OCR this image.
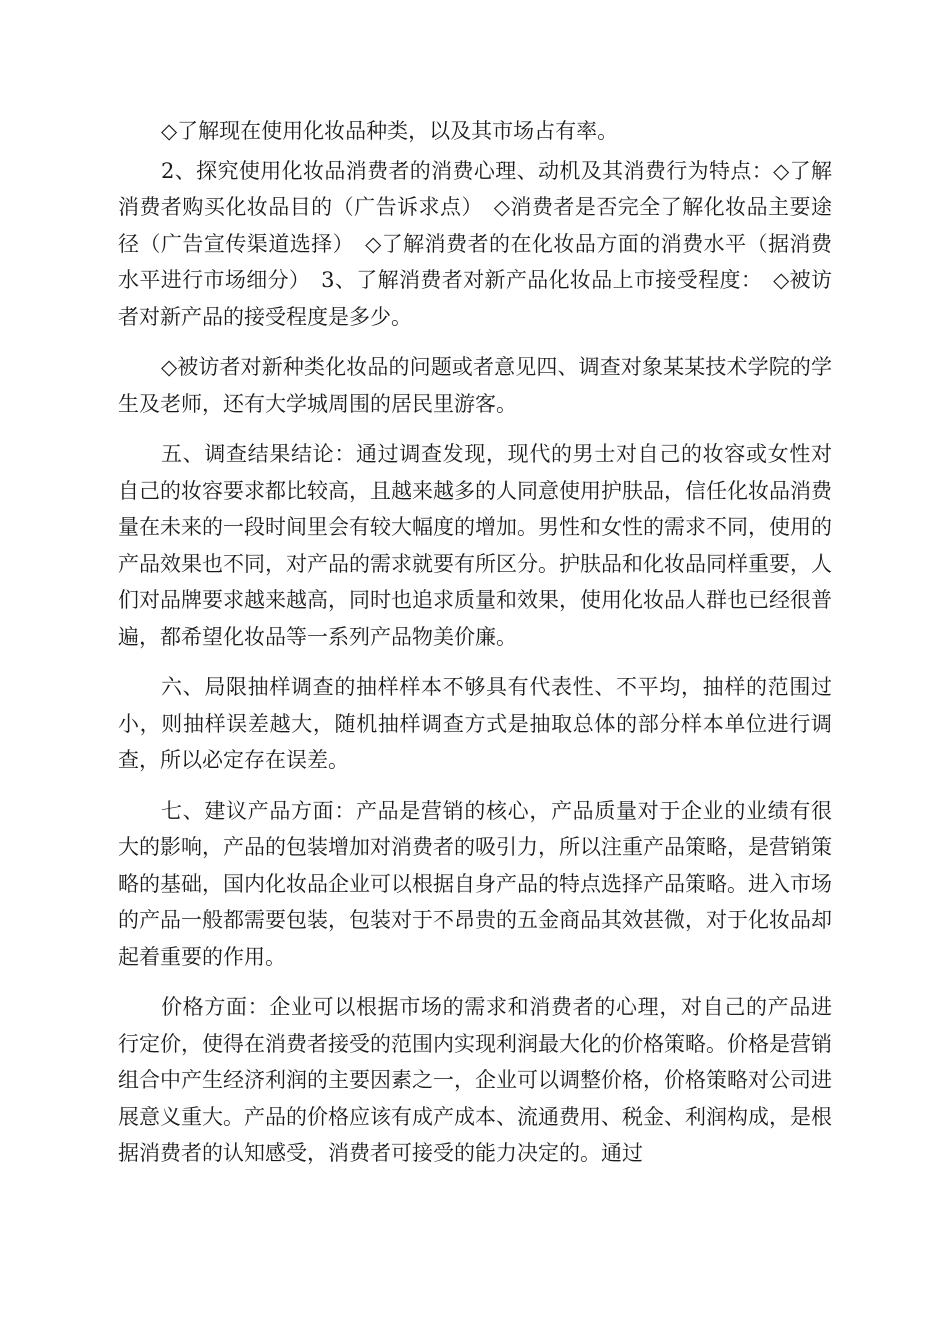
◇了解现在使用化妆品种类，以及其市场占有率。

2、探究使用化妆品消费者的消费心理、动机及其消费行为特点：◇了解消费者购买化妆品目的（广告诉求点）　◇消费者是否完全了解化妆品主要途径（广告宣传渠道选择）　◇了解消费者的在化妆品方面的消费水平（据消费水平进行市场细分）　3、了解消费者对新产品化妆品上市接受程度：　◇被访者对新产品的接受程度是多少。

◇被访者对新种类化妆品的问题或者意见四、调查对象某某技术学院的学生及老师，还有大学城周围的居民里游客。

五、调查结果结论：通过调查发现，现代的男士对自己的妆容或女性对自己的妆容要求都比较高，且越来越多的人同意使用护肤品，信任化妆品消费量在未来的一段时间里会有较大幅度的增加。男性和女性的需求不同，使用的产品效果也不同，对产品的需求就要有所区分。护肤品和化妆品同样重要，人们对品牌要求越来越高，同时也追求质量和效果，使用化妆品人群也已经很普遍，都希望化妆品等一系列产品物美价廉。

六、局限抽样调查的抽样样本不够具有代表性、不平均，抽样的范围过小，则抽样误差越大，随机抽样调查方式是抽取总体的部分样本单位进行调查，所以必定存在误差。

七、建议产品方面：产品是营销的核心，产品质量对于企业的业绩有很大的影响，产品的包装增加对消费者的吸引力，所以注重产品策略，是营销策略的基础，国内化妆品企业可以根据自身产品的特点选择产品策略。进入市场的产品一般都需要包装，包装对于不昂贵的五金商品其效甚微，对于化妆品却起着重要的作用。

价格方面：企业可以根据市场的需求和消费者的心理，对自己的产品进行定价，使得在消费者接受的范围内实现利润最大化的价格策略。价格是营销组合中产生经济利润的主要因素之一，企业可以调整价格，价格策略对公司进展意义重大。产品的价格应该有成产成本、流通费用、税金、利润构成，是根据消费者的认知感受，消费者可接受的能力决定的。通过
